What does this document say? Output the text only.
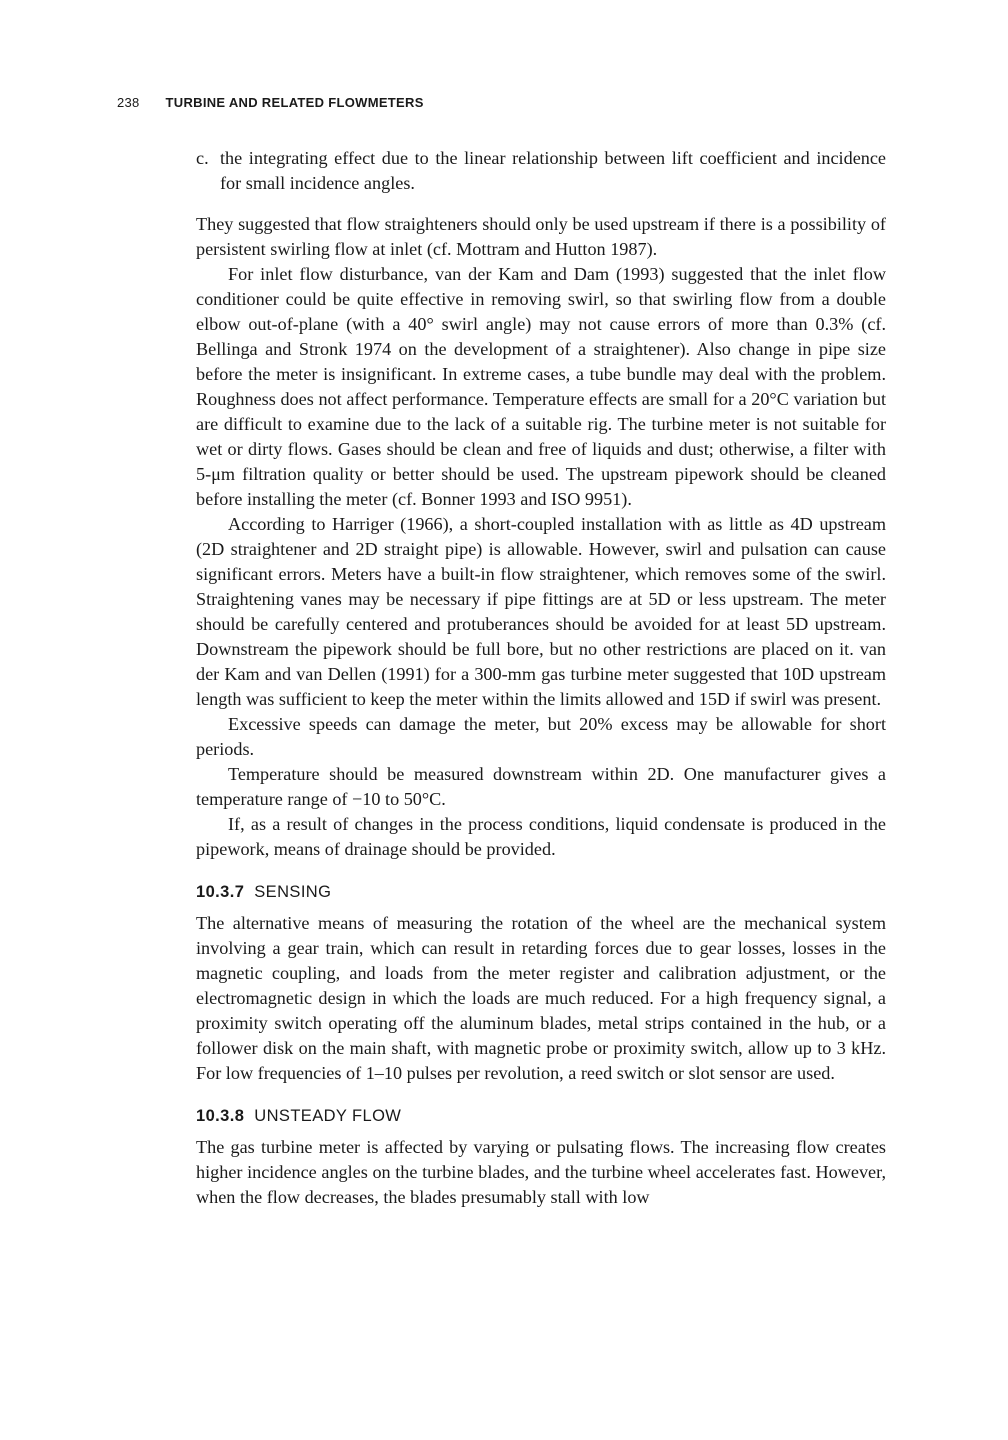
238 TURBINE AND RELATED FLOWMETERS
c. the integrating effect due to the linear relationship between lift coefficient and incidence for small incidence angles.

They suggested that flow straighteners should only be used upstream if there is a possibility of persistent swirling flow at inlet (cf. Mottram and Hutton 1987).

For inlet flow disturbance, van der Kam and Dam (1993) suggested that the inlet flow conditioner could be quite effective in removing swirl, so that swirling flow from a double elbow out-of-plane (with a 40° swirl angle) may not cause errors of more than 0.3% (cf. Bellinga and Stronk 1974 on the development of a straightener). Also change in pipe size before the meter is insignificant. In extreme cases, a tube bundle may deal with the problem. Roughness does not affect performance. Temperature effects are small for a 20°C variation but are difficult to examine due to the lack of a suitable rig. The turbine meter is not suitable for wet or dirty flows. Gases should be clean and free of liquids and dust; otherwise, a filter with 5-μm filtration quality or better should be used. The upstream pipework should be cleaned before installing the meter (cf. Bonner 1993 and ISO 9951).

According to Harriger (1966), a short-coupled installation with as little as 4D upstream (2D straightener and 2D straight pipe) is allowable. However, swirl and pulsation can cause significant errors. Meters have a built-in flow straightener, which removes some of the swirl. Straightening vanes may be necessary if pipe fittings are at 5D or less upstream. The meter should be carefully centered and protuberances should be avoided for at least 5D upstream. Downstream the pipework should be full bore, but no other restrictions are placed on it. van der Kam and van Dellen (1991) for a 300-mm gas turbine meter suggested that 10D upstream length was sufficient to keep the meter within the limits allowed and 15D if swirl was present.

Excessive speeds can damage the meter, but 20% excess may be allowable for short periods.

Temperature should be measured downstream within 2D. One manufacturer gives a temperature range of −10 to 50°C.

If, as a result of changes in the process conditions, liquid condensate is produced in the pipework, means of drainage should be provided.

10.3.7 SENSING

The alternative means of measuring the rotation of the wheel are the mechanical system involving a gear train, which can result in retarding forces due to gear losses, losses in the magnetic coupling, and loads from the meter register and calibration adjustment, or the electromagnetic design in which the loads are much reduced. For a high frequency signal, a proximity switch operating off the aluminum blades, metal strips contained in the hub, or a follower disk on the main shaft, with magnetic probe or proximity switch, allow up to 3 kHz. For low frequencies of 1–10 pulses per revolution, a reed switch or slot sensor are used.

10.3.8 UNSTEADY FLOW

The gas turbine meter is affected by varying or pulsating flows. The increasing flow creates higher incidence angles on the turbine blades, and the turbine wheel accelerates fast. However, when the flow decreases, the blades presumably stall with low
